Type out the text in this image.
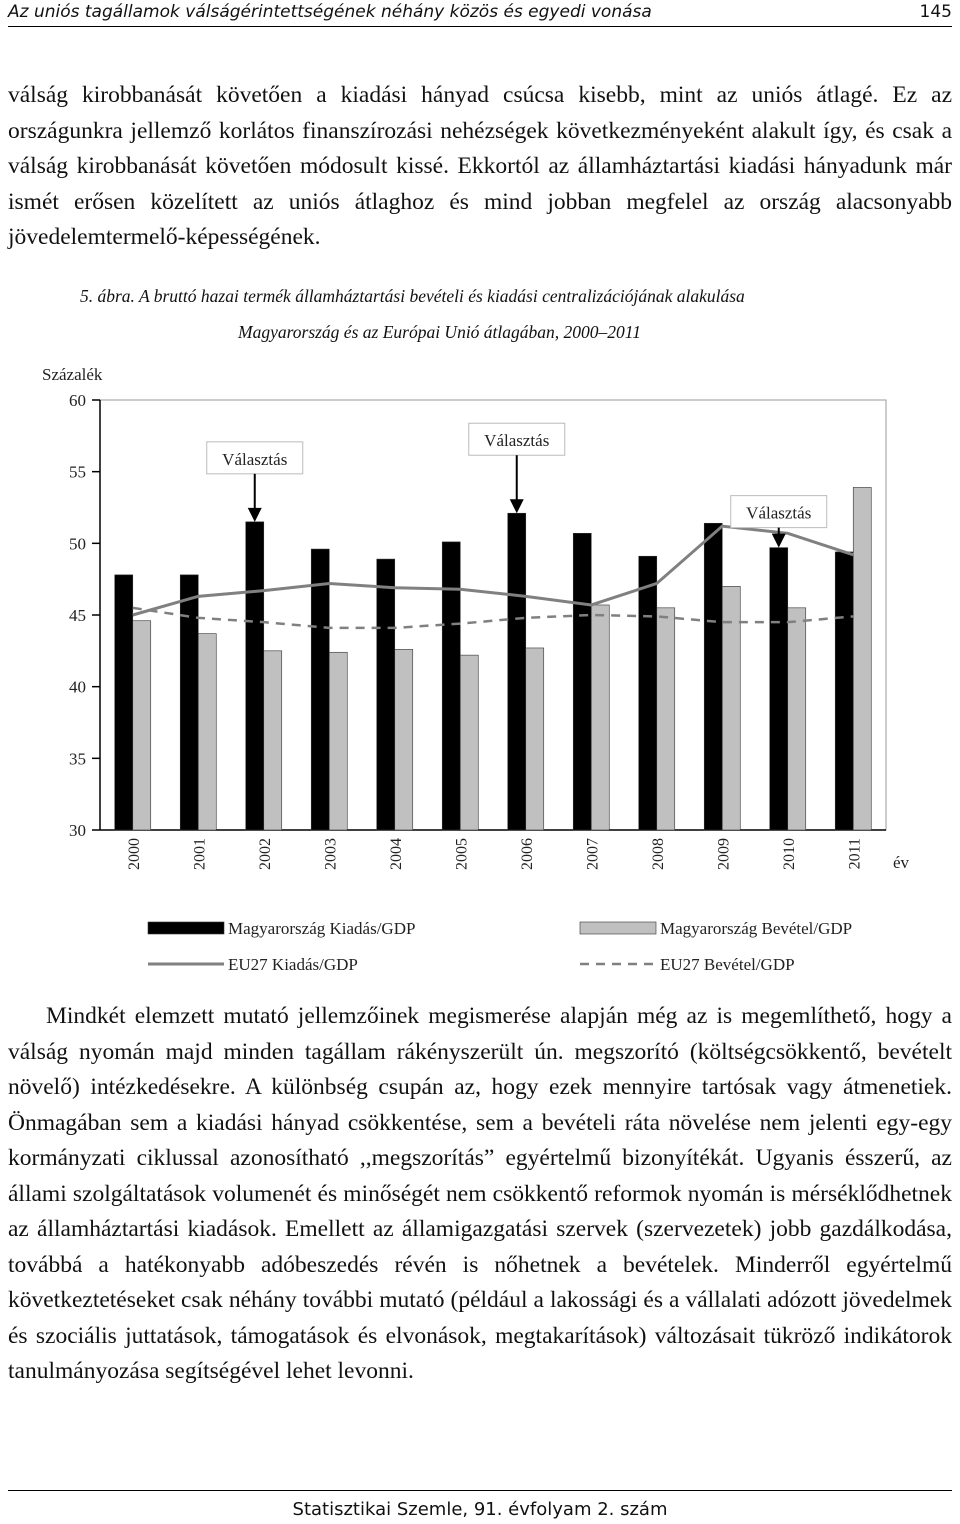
Az uniós tagállamok válságérintettségének néhány közös és egyedi vonása	145

válság kirobbanását követően a kiadási hányad csúcsa kisebb, mint az uniós átlagé. Ez az országunkra jellemző korlátos finanszírozási nehézségek következményeként alakult így, és csak a válság kirobbanását követően módosult kissé. Ekkortól az államháztartási kiadási hányadunk már ismét erősen közelített az uniós átlaghoz és mind jobban megfelel az ország alacsonyabb jövedelemtermelő-képességének.

5. ábra. A bruttó hazai termék államháztartási bevételi és kiadási centralizációjának alakulása
Magyarország és az Európai Unió átlagában, 2000–2011
Százalék
30
35
40
45
50
55
60
2000	2001	2002	2003	2004	2005	2006	2007	2008	2009	2010	2011 év
Választás
Választás
Választás
Magyarország Kiadás/GDP	Magyarország Bevétel/GDP
EU27 Kiadás/GDP	EU27 Bevétel/GDP

Mindkét elemzett mutató jellemzőinek megismerése alapján még az is megemlíthető, hogy a válság nyomán majd minden tagállam rákényszerült ún. megszorító (költségcsökkentő, bevételt növelő) intézkedésekre. A különbség csupán az, hogy ezek mennyire tartósak vagy átmenetiek. Önmagában sem a kiadási hányad csökkentése, sem a bevételi ráta növelése nem jelenti egy-egy kormányzati ciklussal azonosítható ,,megszorítás” egyértelmű bizonyítékát. Ugyanis ésszerű, az állami szolgáltatások volumenét és minőségét nem csökkentő reformok nyomán is mérséklődhetnek az államháztartási kiadások. Emellett az államigazgatási szervek (szervezetek) jobb gazdálkodása, továbbá a hatékonyabb adóbeszedés révén is nőhetnek a bevételek. Minderről egyértelmű következtetéseket csak néhány további mutató (például a lakossági és a vállalati adózott jövedelmek és szociális juttatások, támogatások és elvonások, megtakarítások) változásait tükröző indikátorok tanulmányozása segítségével lehet levonni.

Statisztikai Szemle, 91. évfolyam 2. szám
